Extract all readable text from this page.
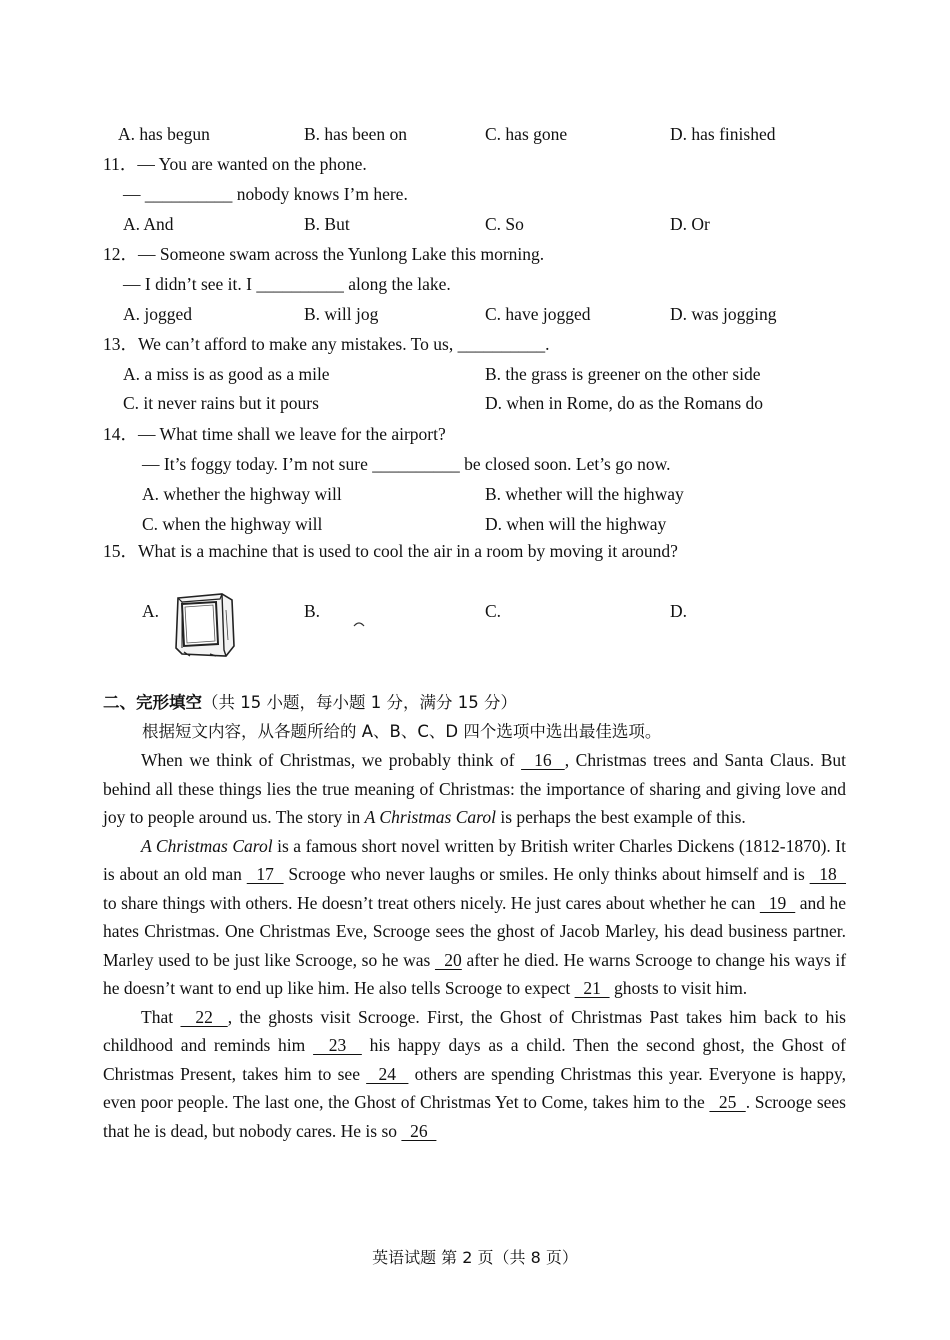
A. has begun	B. has been on	C. has gone	D. has finished
11．— You are wanted on the phone.
— __________ nobody knows I’m here.
A. And	B. But	C. So	D. Or
12．— Someone swam across the Yunlong Lake this morning.
— I didn’t see it. I __________ along the lake.
A. jogged	B. will jog	C. have jogged	D. was jogging
13．We can’t afford to make any mistakes. To us, __________.
A. a miss is as good as a mile	B. the grass is greener on the other side
C. it never rains but it pours	D. when in Rome, do as the Romans do
14．— What time shall we leave for the airport?
— It’s foggy today. I’m not sure __________ be closed soon. Let’s go now.
A. whether the highway will	B. whether will the highway
C. when the highway will	D. when will the highway
15．What is a machine that is used to cool the air in a room by moving it around?
A.	B.	C.	D.
二、完形填空（共 15 小题，每小题 1 分，满分 15 分）
根据短文内容，从各题所给的 A、B、C、D 四个选项中选出最佳选项。

When we think of Christmas, we probably think of   16  , Christmas trees and Santa Claus. But behind all these things lies the true meaning of Christmas: the importance of sharing and giving love and joy to people around us. The story in A Christmas Carol is perhaps the best example of this.

A Christmas Carol is a famous short novel written by British writer Charles Dickens (1812-1870). It is about an old man   17   Scrooge who never laughs or smiles. He only thinks about himself and is   18   to share things with others. He doesn’t treat others nicely. He just cares about whether he can   19   and he hates Christmas. One Christmas Eve, Scrooge sees the ghost of Jacob Marley, his dead business partner. Marley used to be just like Scrooge, so he was   20 after he died. He warns Scrooge to change his ways if he doesn’t want to end up like him. He also tells Scrooge to expect   21   ghosts to visit him.

That   22  , the ghosts visit Scrooge. First, the Ghost of Christmas Past takes him back to his childhood and reminds him   23   his happy days as a child. Then the second ghost, the Ghost of Christmas Present, takes him to see   24   others are spending Christmas this year. Everyone is happy, even poor people. The last one, the Ghost of Christmas Yet to Come, takes him to the   25  . Scrooge sees that he is dead, but nobody cares. He is so   26

英语试题 第 2 页（共 8 页）
